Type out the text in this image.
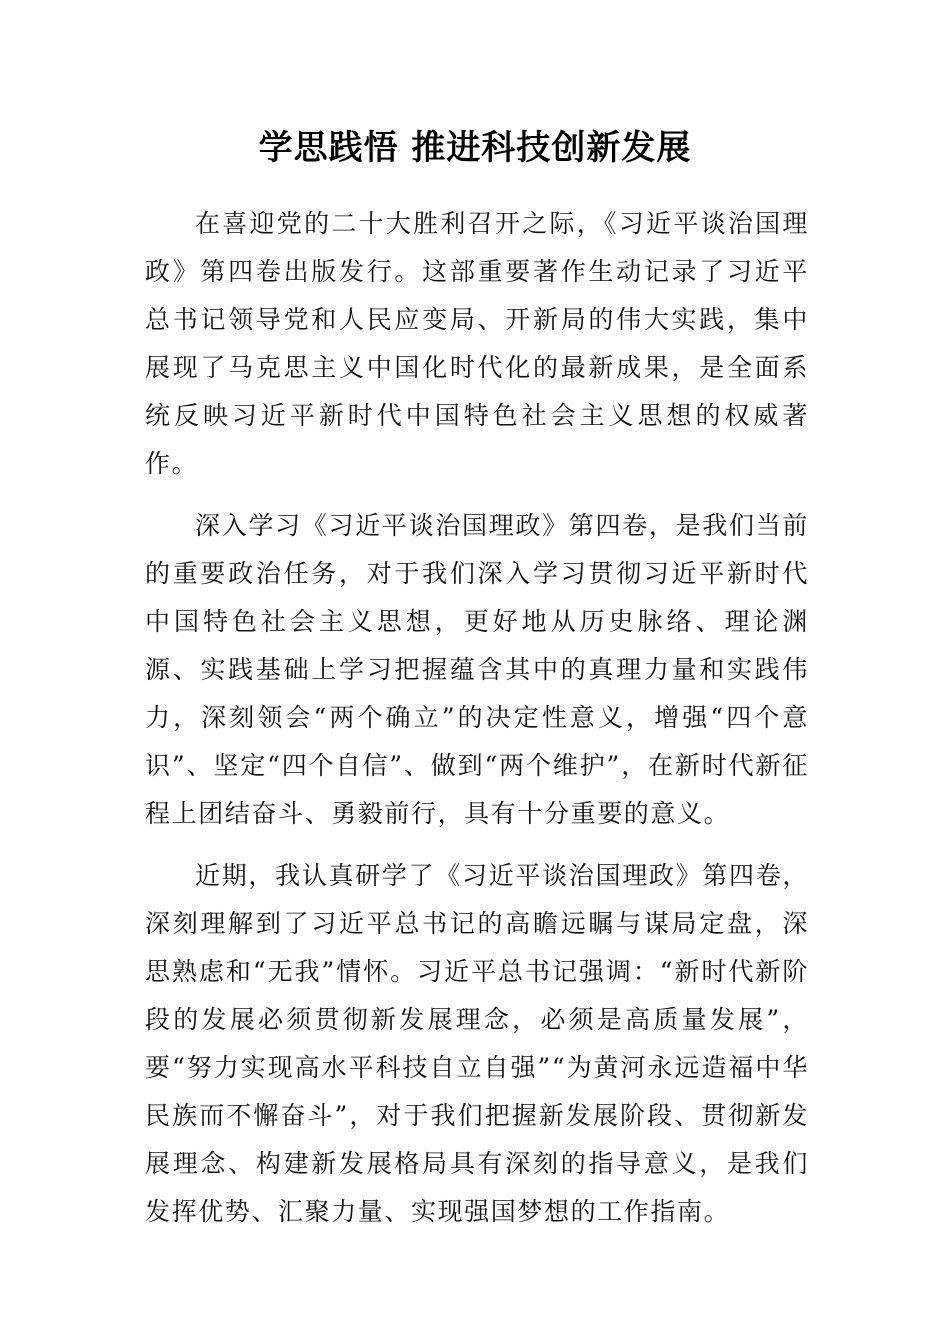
学思践悟 推进科技创新发展

在喜迎党的二十大胜利召开之际，《习近平谈治国理政》第四卷出版发行。这部重要著作生动记录了习近平总书记领导党和人民应变局、开新局的伟大实践，集中展现了马克思主义中国化时代化的最新成果，是全面系统反映习近平新时代中国特色社会主义思想的权威著作。

深入学习《习近平谈治国理政》第四卷，是我们当前的重要政治任务，对于我们深入学习贯彻习近平新时代中国特色社会主义思想，更好地从历史脉络、理论渊源、实践基础上学习把握蕴含其中的真理力量和实践伟力，深刻领会“两个确立”的决定性意义，增强“四个意识”、坚定“四个自信”、做到“两个维护”，在新时代新征程上团结奋斗、勇毅前行，具有十分重要的意义。

近期，我认真研学了《习近平谈治国理政》第四卷，深刻理解到了习近平总书记的高瞻远瞩与谋局定盘，深思熟虑和“无我”情怀。习近平总书记强调：“新时代新阶段的发展必须贯彻新发展理念，必须是高质量发展”，要“努力实现高水平科技自立自强”“为黄河永远造福中华民族而不懈奋斗”，对于我们把握新发展阶段、贯彻新发展理念、构建新发展格局具有深刻的指导意义，是我们发挥优势、汇聚力量、实现强国梦想的工作指南。
